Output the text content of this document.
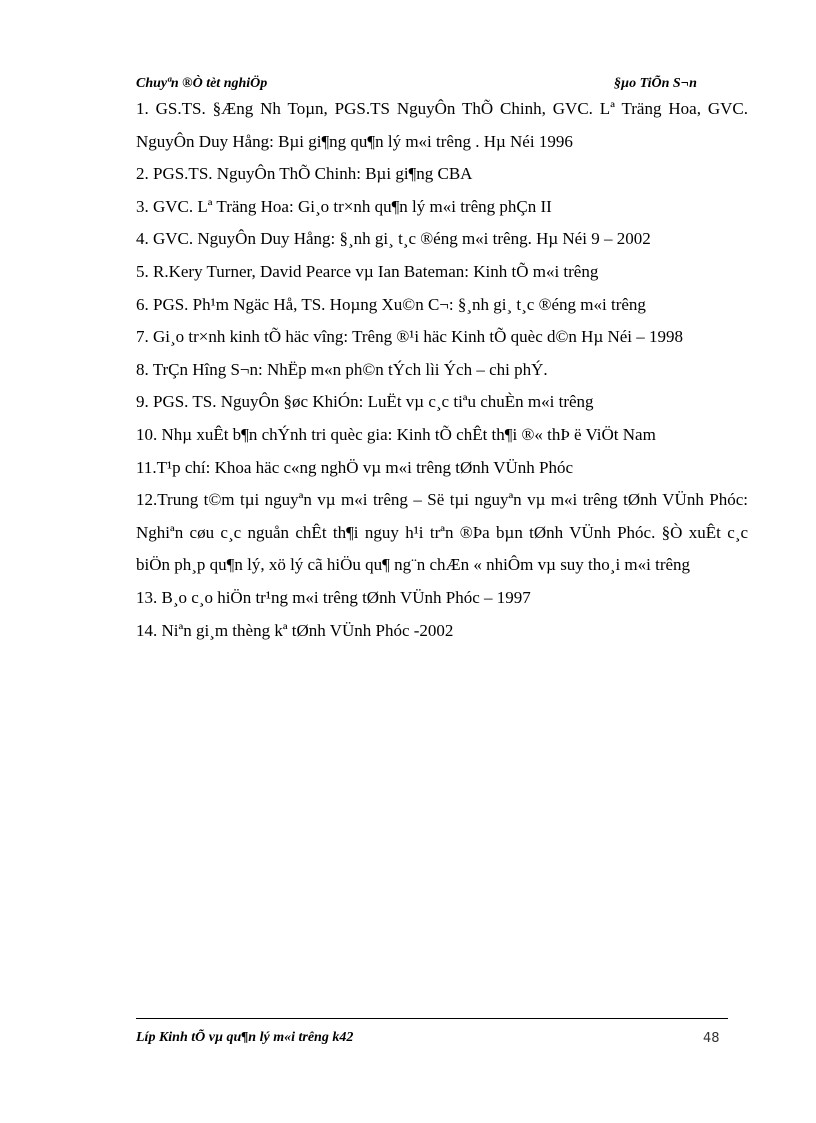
Chuyªn ®Ò tèt nghiÖp	§µo TiÕn S¬n
1. GS.TS. §Æng Nh Toµn, PGS.TS NguyÔn ThÕ Chinh, GVC. Lª Träng Hoa, GVC. NguyÔn Duy Hång: Bµi gi¶ng qu¶n lý m«i trêng . Hµ Néi 1996
2. PGS.TS. NguyÔn ThÕ Chinh: Bµi gi¶ng CBA
3. GVC. Lª Träng Hoa: Gi¸o tr×nh qu¶n lý m«i trêng phÇn II
4. GVC. NguyÔn Duy Hång: §¸nh gi¸ t¸c ®éng m«i trêng. Hµ Néi 9 – 2002
5. R.Kery Turner, David Pearce vµ Ian Bateman: Kinh tÕ m«i trêng
6. PGS. Ph¹m Ngäc Hå, TS. Hoµng Xu©n C¬: §¸nh gi¸ t¸c ®éng m«i trêng
7. Gi¸o tr×nh kinh tÕ häc vîng: Trêng ®¹i häc Kinh tÕ quèc d©n Hµ Néi – 1998
8. TrÇn Hîng S¬n: NhËp m«n ph©n tÝch lìi Ých – chi phÝ.
9. PGS. TS. NguyÔn §øc KhiÓn: LuËt vµ c¸c tiªu chuÈn m«i trêng
10. Nhµ xuÊt b¶n chÝnh tri quèc gia: Kinh tÕ chÊt th¶i ®« thÞ ë ViÖt Nam
11.T¹p chí: Khoa häc c«ng nghÖ vµ m«i trêng tØnh VÜnh Phóc
12.Trung t©m tµi nguyªn vµ m«i trêng – Së tµi nguyªn vµ m«i trêng tØnh VÜnh Phóc: Nghiªn cøu c¸c nguån chÊt th¶i nguy h¹i trªn ®Þa bµn tØnh VÜnh Phóc. §Ò xuÊt c¸c biÖn ph¸p qu¶n lý, xö lý cã hiÖu qu¶ ng¨n chÆn « nhiÔm vµ suy tho¸i m«i trêng
13. B¸o c¸o hiÖn tr¹ng m«i trêng tØnh VÜnh Phóc – 1997
14. Niªn gi¸m thèng kª tØnh VÜnh Phóc -2002
Líp Kinh tÕ vµ qu¶n lý m«i trêng k42	48
